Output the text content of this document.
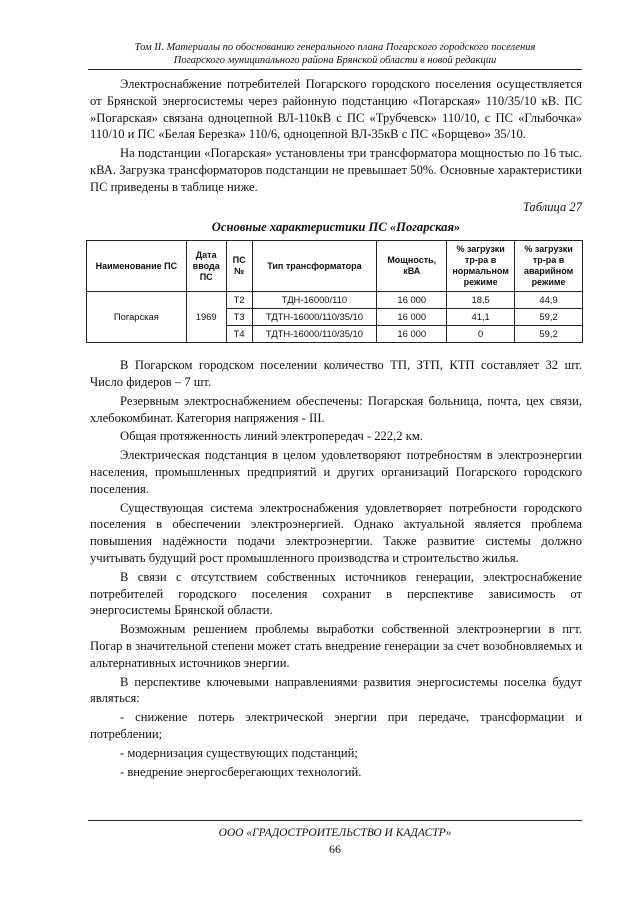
Том II. Материалы по обоснованию генерального плана Погарского городского поселения
Погарского муниципального района Брянской области в новой редакции

Электроснабжение потребителей Погарского городского поселения осуществляется от Брянской энергосистемы через районную подстанцию «Погарская» 110/35/10 кВ. ПС »Погарская» связана одноцепной ВЛ-110кВ с ПС «Трубчевск» 110/10, с ПС «Глыбочка» 110/10 и ПС «Белая Березка» 110/6, одноцепной ВЛ-35кВ с ПС «Борщево» 35/10.

На подстанции «Погарская» установлены три трансформатора мощностью по 16 тыс. кВА. Загрузка трансформаторов подстанции не превышает 50%. Основные характеристики ПС приведены в таблице ниже.

Таблица 27
Основные характеристики ПС «Погарская»
Наименование ПС	Дата ввода ПС	ПС №	Тип трансформатора	Мощность, кВА	% загрузки тр-ра в нормальном режиме	% загрузки тр-ра в аварийном режиме
Погарская	1969	Т2	ТДН-16000/110	16 000	18,5	44,9
		Т3	ТДТН-16000/110/35/10	16 000	41,1	59,2
		Т4	ТДТН-16000/110/35/10	16 000	0	59,2

В Погарском городском поселении количество ТП, ЗТП, КТП составляет 32 шт. Число фидеров – 7 шт.

Резервным электроснабжением обеспечены: Погарская больница, почта, цех связи, хлебокомбинат. Категория напряжения - III.

Общая протяженность линий электропередач - 222,2 км.

Электрическая подстанция в целом удовлетворяют потребностям в электроэнергии населения, промышленных предприятий и других организаций Погарского городского поселения.

Существующая система электроснабжения удовлетворяет потребности городского поселения в обеспечении электроэнергией. Однако актуальной является проблема повышения надёжности подачи электроэнергии. Также развитие системы должно учитывать будущий рост промышленного производства и строительство жилья.

В связи с отсутствием собственных источников генерации, электроснабжение потребителей городского поселения сохранит в перспективе зависимость от энергосистемы Брянской области.

Возможным решением проблемы выработки собственной электроэнергии в пгт. Погар в значительной степени может стать внедрение генерации за счет возобновляемых и альтернативных источников энергии.

В перспективе ключевыми направлениями развития энергосистемы поселка будут являться:

- снижение потерь электрической энергии при передаче, трансформации и потреблении;

- модернизация существующих подстанций;

- внедрение энергосберегающих технологий.

ООО «ГРАДОСТРОИТЕЛЬСТВО И КАДАСТР»
66
